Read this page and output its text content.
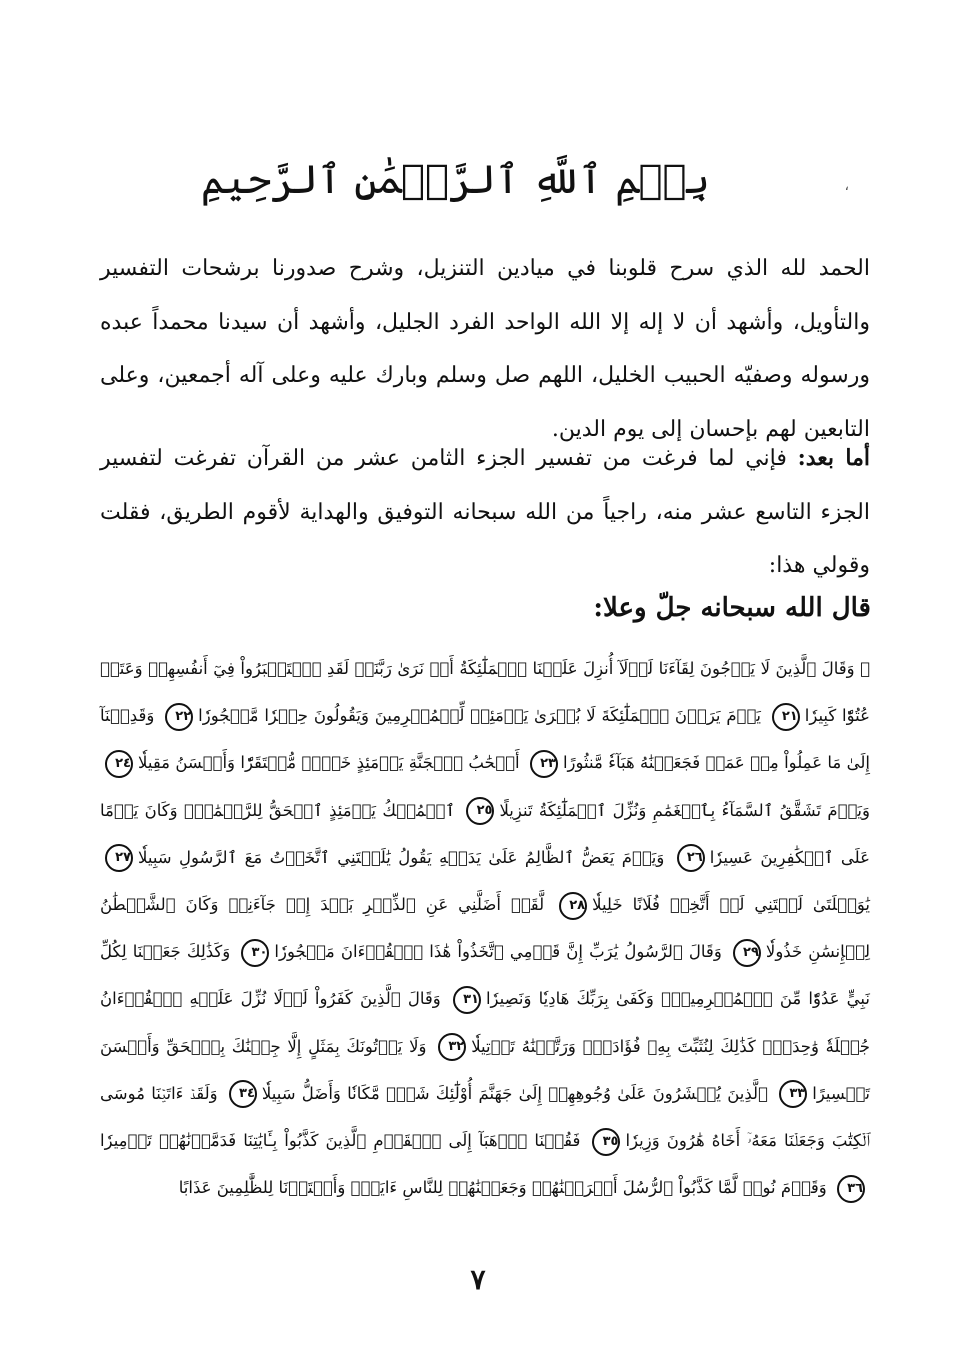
،
بِسۡمِ ٱللَّهِ ٱلرَّحۡمَٰنِ ٱلرَّحِيمِ

الحمد لله الذي سرح قلوبنا في ميادين التنزيل، وشرح صدورنا برشحات التفسير والتأويل، وأشهد أن لا إله إلا الله الواحد الفرد الجليل، وأشهد أن سيدنا محمداً عبده ورسوله وصفيّه الحبيب الخليل، اللهم صل وسلم وبارك عليه وعلى آله أجمعين، وعلى التابعين لهم بإحسان إلى يوم الدين.

أما بعد: فإني لما فرغت من تفسير الجزء الثامن عشر من القرآن تفرغت لتفسير الجزء التاسع عشر منه، راجياً من الله سبحانه التوفيق والهداية لأقوم الطريق، فقلت وقولي هذا:

قال الله سبحانه جلّ وعلا:

﴿ وَقَالَ ٱلَّذِينَ لَا يَرۡجُونَ لِقَآءَنَا لَوۡلَآ أُنزِلَ عَلَيۡنَا ٱلۡمَلَٰٓئِكَةُ أَوۡ نَرَىٰ رَبَّنَاۗ لَقَدِ ٱسۡتَكۡبَرُواْ فِيٓ أَنفُسِهِمۡ وَعَتَوۡ عُتُوّٗا كَبِيرٗا٢١ يَوۡمَ يَرَوۡنَ ٱلۡمَلَٰٓئِكَةَ لَا بُشۡرَىٰ يَوۡمَئِذٖ لِّلۡمُجۡرِمِينَ وَيَقُولُونَ حِجۡرٗا مَّحۡجُورٗا٢٢ وَقَدِمۡنَآ إِلَىٰ مَا عَمِلُواْ مِنۡ عَمَلٖ فَجَعَلۡنَٰهُ هَبَآءٗ مَّنثُورًا٢٣ أَصۡحَٰبُ ٱلۡجَنَّةِ يَوۡمَئِذٍ خَيۡرٞ مُّسۡتَقَرّٗا وَأَحۡسَنُ مَقِيلٗا٢٤ وَيَوۡمَ تَشَقَّقُ ٱلسَّمَآءُ بِٱلۡغَمَٰمِ وَنُزِّلَ ٱلۡمَلَٰٓئِكَةُ تَنزِيلًا٢٥ ٱلۡمُلۡكُ يَوۡمَئِذٍ ٱلۡحَقُّ لِلرَّحۡمَٰنِۚ وَكَانَ يَوۡمًا عَلَى ٱلۡكَٰفِرِينَ عَسِيرٗا٢٦ وَيَوۡمَ يَعَضُّ ٱلظَّالِمُ عَلَىٰ يَدَيۡهِ يَقُولُ يَٰلَيۡتَنِي ٱتَّخَذۡتُ مَعَ ٱلرَّسُولِ سَبِيلٗا٢٧ يَٰوَيۡلَتَىٰ لَيۡتَنِي لَمۡ أَتَّخِذۡ فُلَانًا خَلِيلٗا٢٨ لَّقَدۡ أَضَلَّنِي عَنِ ٱلذِّكۡرِ بَعۡدَ إِذۡ جَآءَنِيۗ وَكَانَ ٱلشَّيۡطَٰنُ لِلۡإِنسَٰنِ خَذُولٗا٢٩ وَقَالَ ٱلرَّسُولُ يَٰرَبِّ إِنَّ قَوۡمِي ٱتَّخَذُواْ هَٰذَا ٱلۡقُرۡءَانَ مَهۡجُورٗا٣٠ وَكَذَٰلِكَ جَعَلۡنَا لِكُلِّ نَبِيٍّ عَدُوّٗا مِّنَ ٱلۡمُجۡرِمِينَۗ وَكَفَىٰ بِرَبِّكَ هَادِيٗا وَنَصِيرٗا٣١ وَقَالَ ٱلَّذِينَ كَفَرُواْ لَوۡلَا نُزِّلَ عَلَيۡهِ ٱلۡقُرۡءَانُ جُمۡلَةٗ وَٰحِدَةٗۚ كَذَٰلِكَ لِنُثَبِّتَ بِهِۦ فُؤَادَكَۖ وَرَتَّلۡنَٰهُ تَرۡتِيلٗا٣٢ وَلَا يَأۡتُونَكَ بِمَثَلٍ إِلَّا جِئۡنَٰكَ بِٱلۡحَقِّ وَأَحۡسَنَ تَفۡسِيرًا٣٣ ٱلَّذِينَ يُحۡشَرُونَ عَلَىٰ وُجُوهِهِمۡ إِلَىٰ جَهَنَّمَ أُوْلَٰٓئِكَ شَرّٞ مَّكَانٗا وَأَضَلُّ سَبِيلٗا٣٤ وَلَقَدۡ ءَاتَيۡنَا مُوسَى ٱلۡكِتَٰبَ وَجَعَلۡنَا مَعَهُۥٓ أَخَاهُ هَٰرُونَ وَزِيرٗا٣٥ فَقُلۡنَا ٱذۡهَبَآ إِلَى ٱلۡقَوۡمِ ٱلَّذِينَ كَذَّبُواْ بِـَٔايَٰتِنَا فَدَمَّرۡنَٰهُمۡ تَدۡمِيرٗا٣٦ وَقَوۡمَ نُوحٖ لَّمَّا كَذَّبُواْ ٱلرُّسُلَ أَغۡرَقۡنَٰهُمۡ وَجَعَلۡنَٰهُمۡ لِلنَّاسِ ءَايَةٗۖ وَأَعۡتَدۡنَا لِلظَّٰلِمِينَ عَذَابًا

٧
